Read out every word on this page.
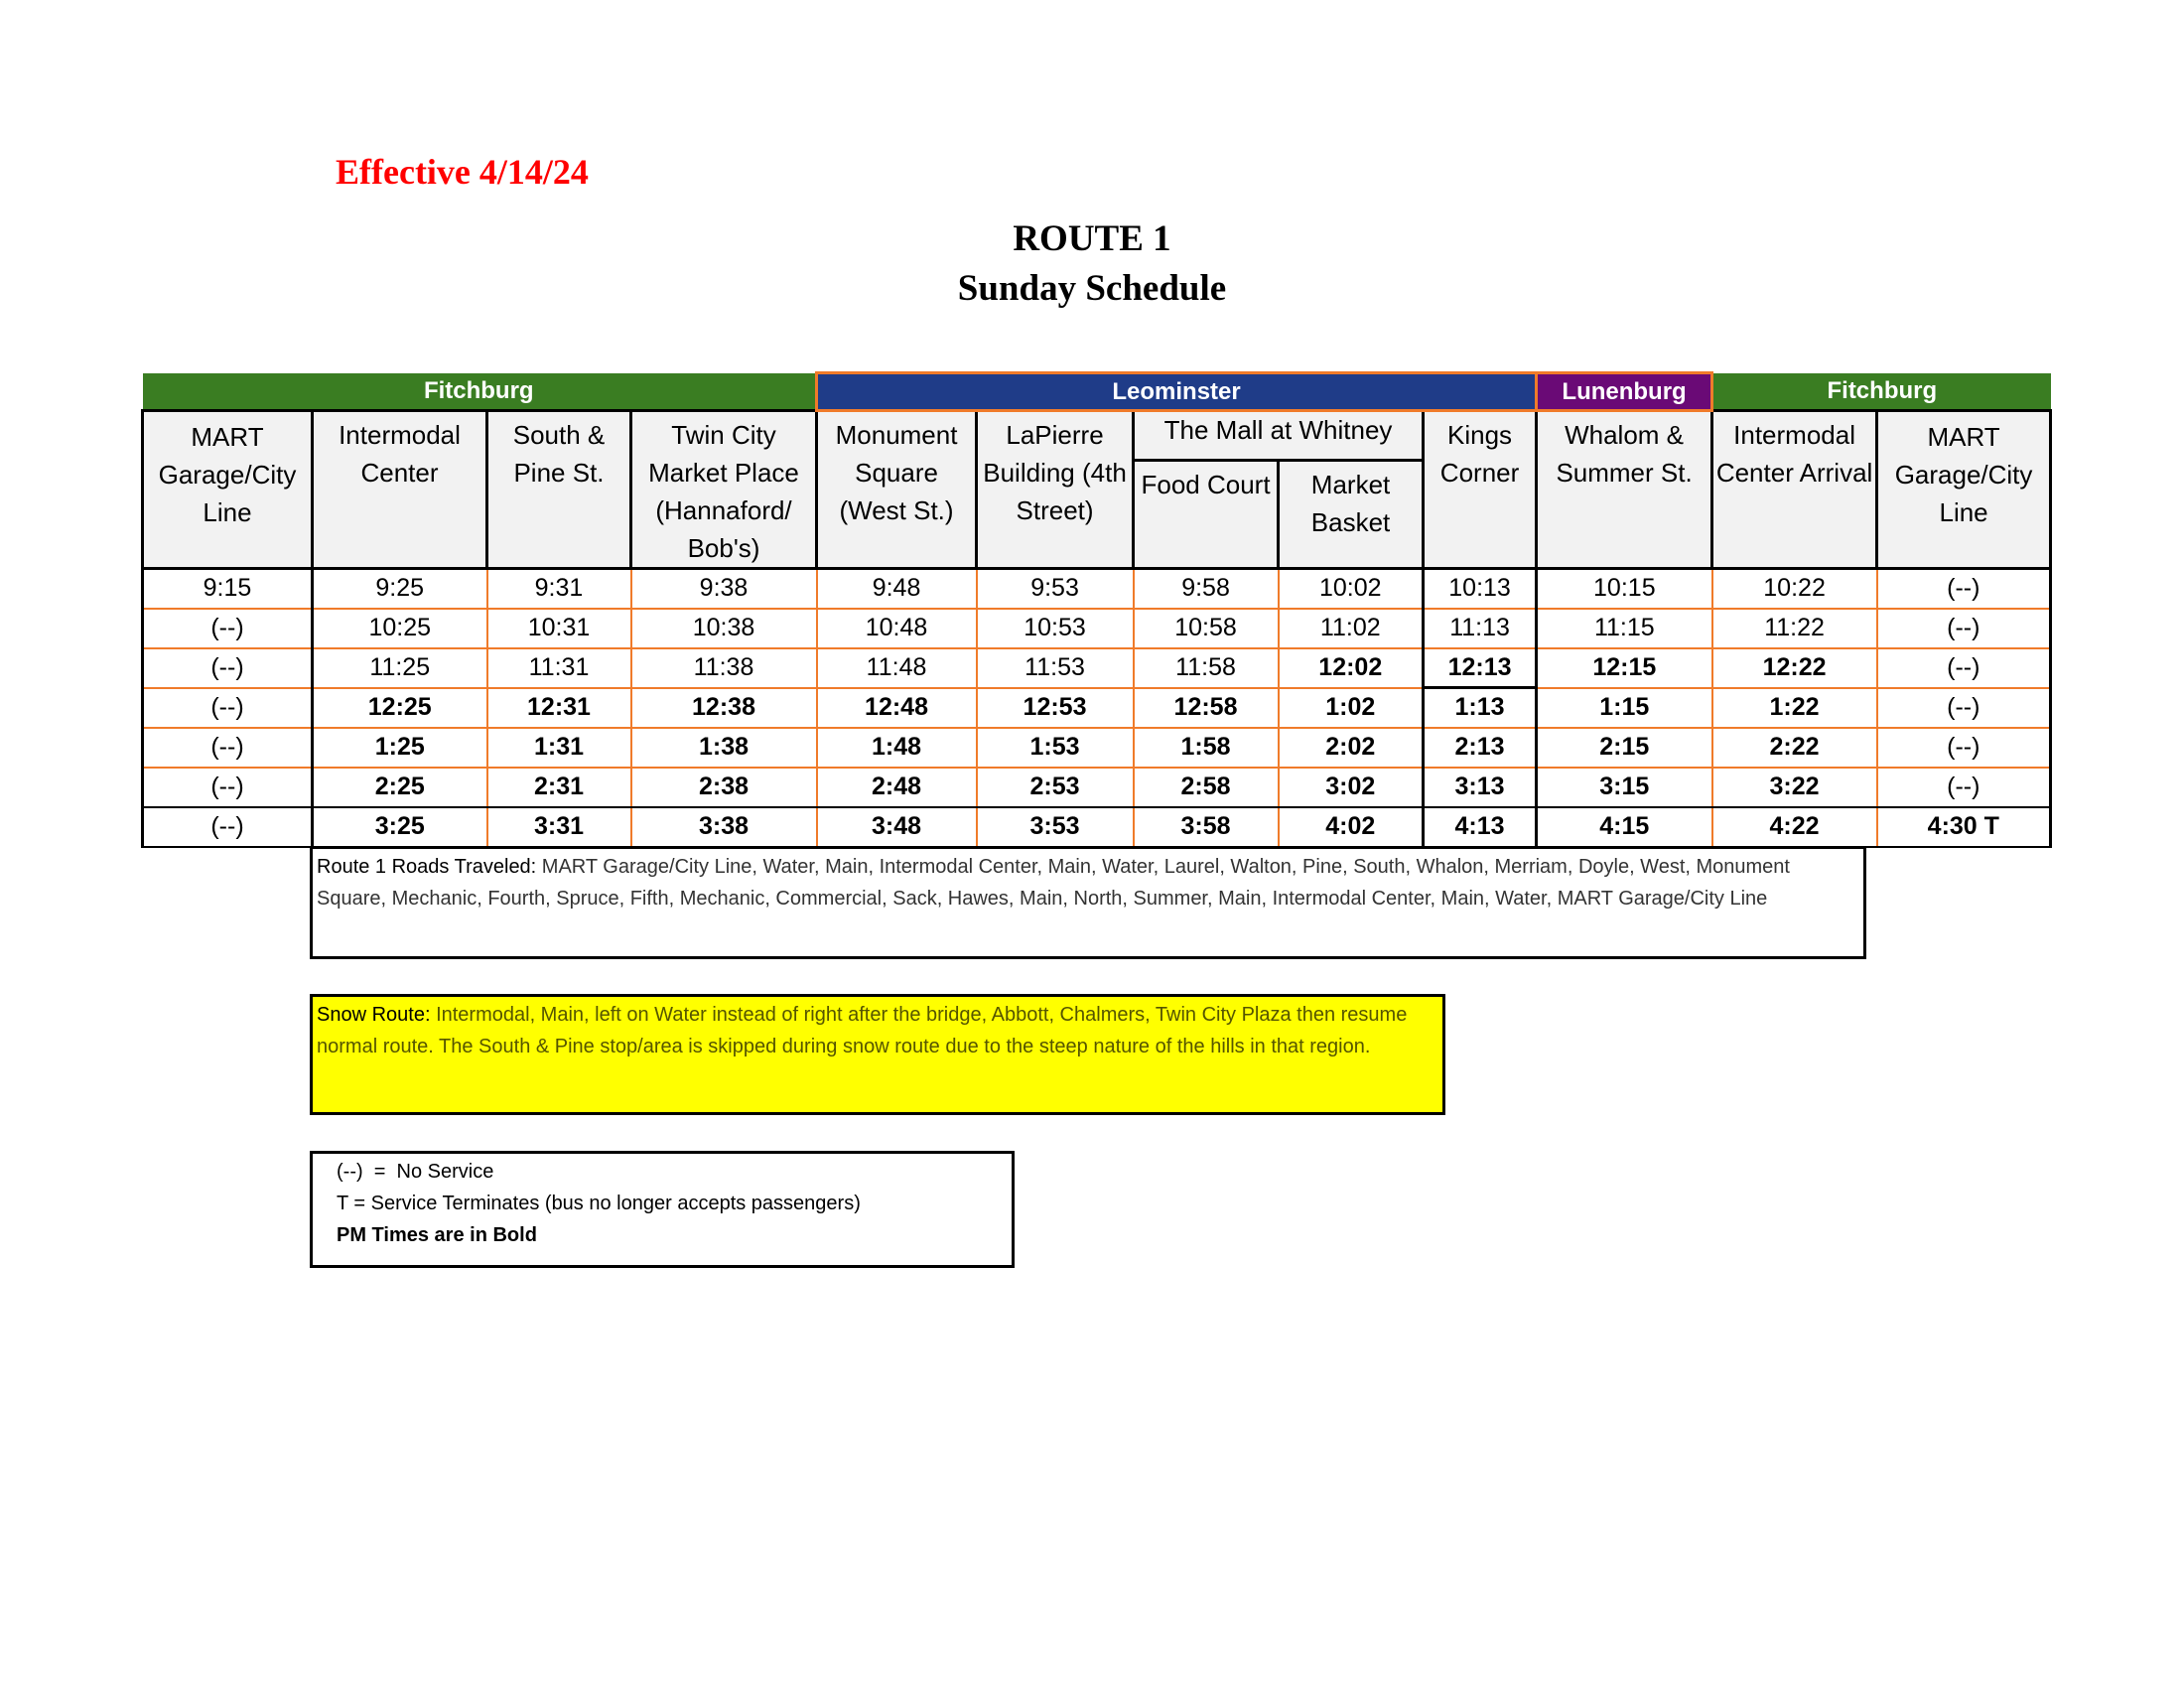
Effective 4/14/24
ROUTE 1
Sunday Schedule
Fitchburg				Leominster					Lunenburg	Fitchburg	

MART Garage/City Line	Intermodal Center	South & Pine St.	Twin City Market Place (Hannaford/ Bob's)	Monument Square (West St.)	LaPierre Building (4th Street)	The Mall at Whitney		Kings Corner	Whalom & Summer St.	Intermodal Center Arrival	MART Garage/City Line

						Food Court	Market Basket				
9:15	9:25	9:31	9:38	9:48	9:53	9:58	10:02	10:13	10:15	10:22	(--)
(--)	10:25	10:31	10:38	10:48	10:53	10:58	11:02	11:13	11:15	11:22	(--)
(--)	11:25	11:31	11:38	11:48	11:53	11:58	12:02	12:13	12:15	12:22	(--)
(--)	12:25	12:31	12:38	12:48	12:53	12:58	1:02	1:13	1:15	1:22	(--)
(--)	1:25	1:31	1:38	1:48	1:53	1:58	2:02	2:13	2:15	2:22	(--)
(--)	2:25	2:31	2:38	2:48	2:53	2:58	3:02	3:13	3:15	3:22	(--)
(--)	3:25	3:31	3:38	3:48	3:53	3:58	4:02	4:13	4:15	4:22	4:30 T
Route 1 Roads Traveled: MART Garage/City Line, Water, Main, Intermodal Center, Main, Water, Laurel, Walton, Pine, South, Whalon, Merriam, Doyle, West, Monument Square, Mechanic, Fourth, Spruce, Fifth, Mechanic, Commercial, Sack, Hawes, Main, North, Summer, Main, Intermodal Center, Main, Water, MART Garage/City Line
Snow Route: Intermodal, Main, left on Water instead of right after the bridge, Abbott, Chalmers, Twin City Plaza then resume normal route. The South & Pine stop/area is skipped during snow route due to the steep nature of the hills in that region.
(--)  =  No Service
T = Service Terminates (bus no longer accepts passengers)
PM Times are in Bold
